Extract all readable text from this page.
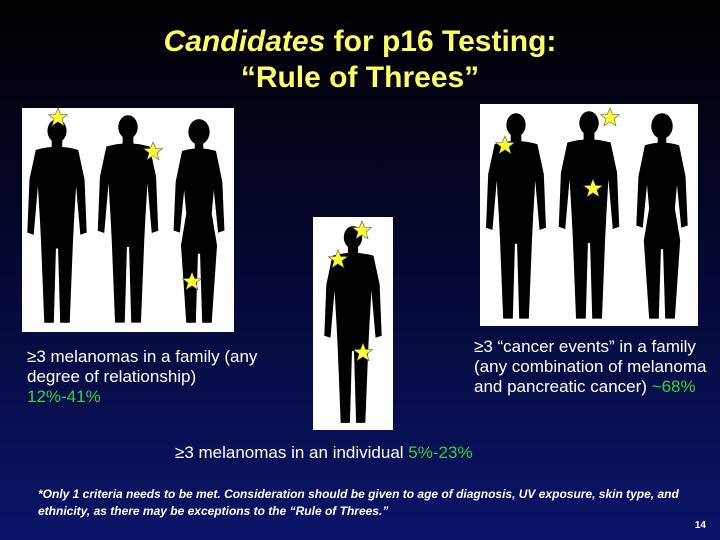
Candidates for p16 Testing:
“Rule of Threes”
≥3 melanomas in a family (any degree of relationship) 12%-41%
≥3 “cancer events” in a family (any combination of melanoma and pancreatic cancer) ~68%
≥3 melanomas in an individual 5%-23%
*Only 1 criteria needs to be met. Consideration should be given to age of diagnosis, UV exposure, skin type, and ethnicity, as there may be exceptions to the “Rule of Threes.”
14
